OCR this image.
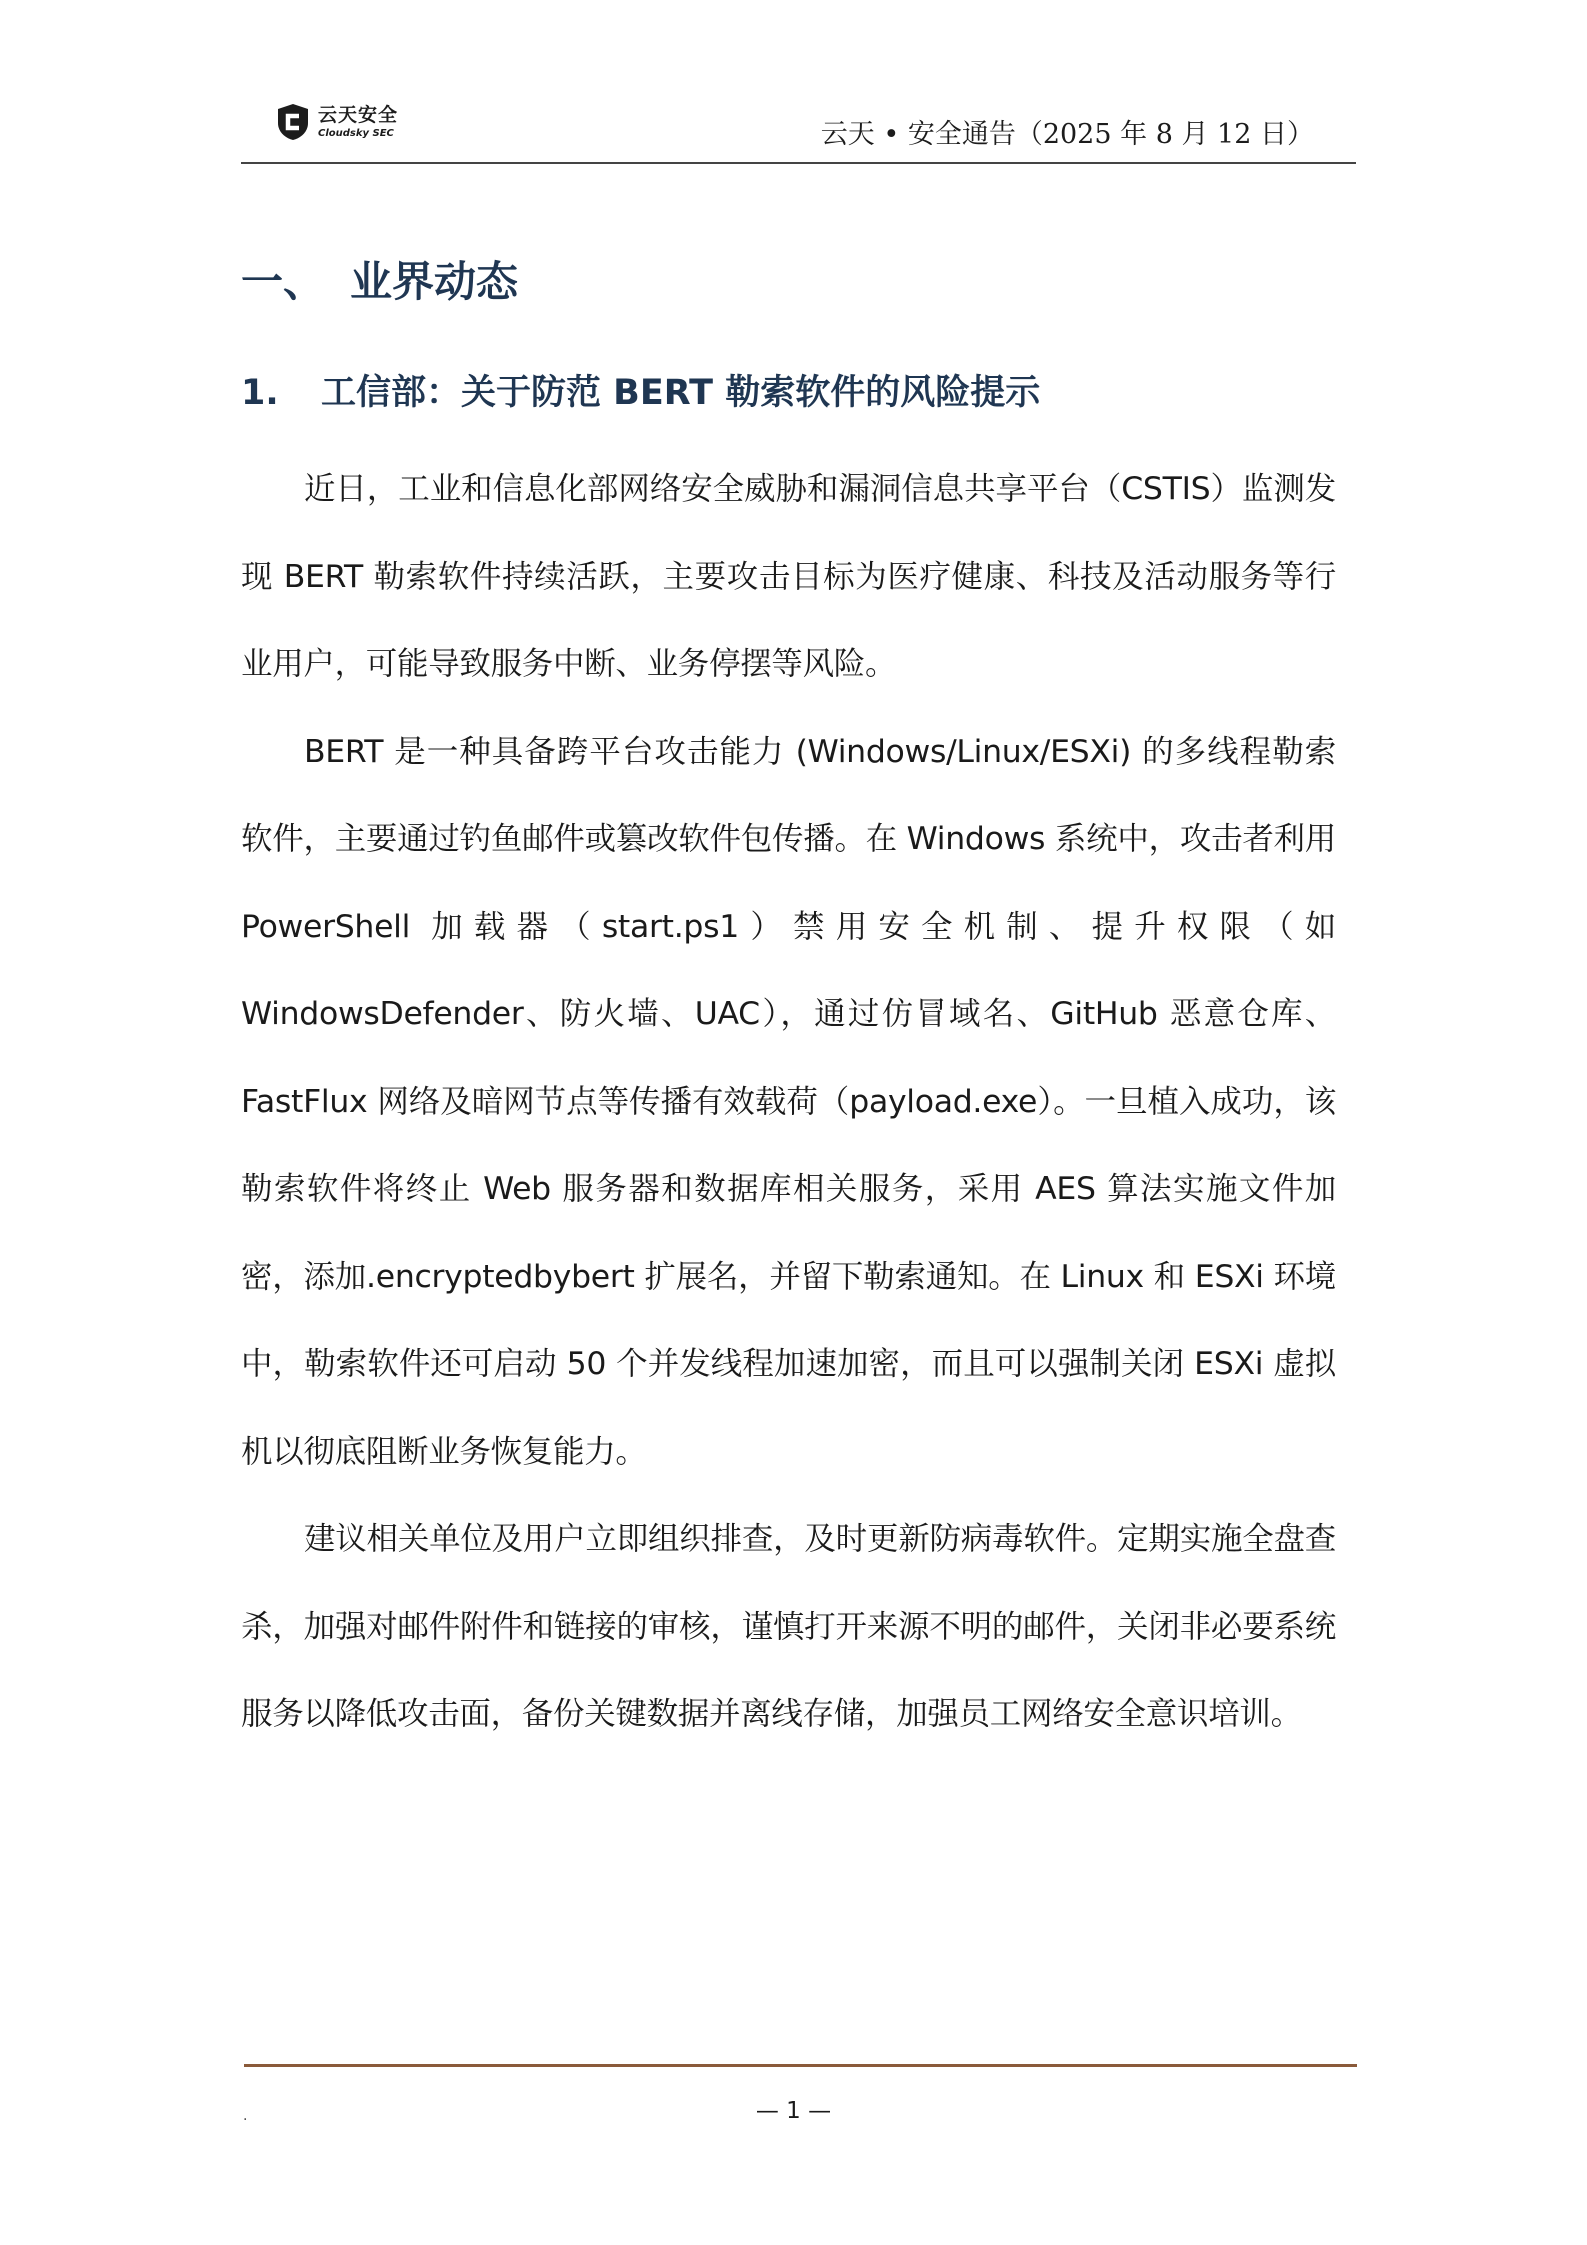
云天安全
Cloudsky SEC	云天 • 安全通告（2025 年 8 月 12 日）
一、 业界动态
1. 工信部：关于防范 BERT 勒索软件的风险提示

近日，工业和信息化部网络安全威胁和漏洞信息共享平台（CSTIS）监测发现 BERT 勒索软件持续活跃，主要攻击目标为医疗健康、科技及活动服务等行业用户，可能导致服务中断、业务停摆等风险。

BERT 是一种具备跨平台攻击能力 (Windows/Linux/ESXi) 的多线程勒索软件，主要通过钓鱼邮件或篡改软件包传播。在 Windows 系统中，攻击者利用 PowerShell 加载器（start.ps1）禁用安全机制、提升权限（如 WindowsDefender、防火墙、UAC），通过仿冒域名、GitHub 恶意仓库、FastFlux 网络及暗网节点等传播有效载荷（payload.exe）。一旦植入成功，该勒索软件将终止 Web 服务器和数据库相关服务，采用 AES 算法实施文件加密，添加.encryptedbybert 扩展名，并留下勒索通知。在 Linux 和 ESXi 环境中，勒索软件还可启动 50 个并发线程加速加密，而且可以强制关闭 ESXi 虚拟机以彻底阻断业务恢复能力。

建议相关单位及用户立即组织排查，及时更新防病毒软件。定期实施全盘查杀，加强对邮件附件和链接的审核，谨慎打开来源不明的邮件，关闭非必要系统服务以降低攻击面，备份关键数据并离线存储，加强员工网络安全意识培训。

.	— 1 —
